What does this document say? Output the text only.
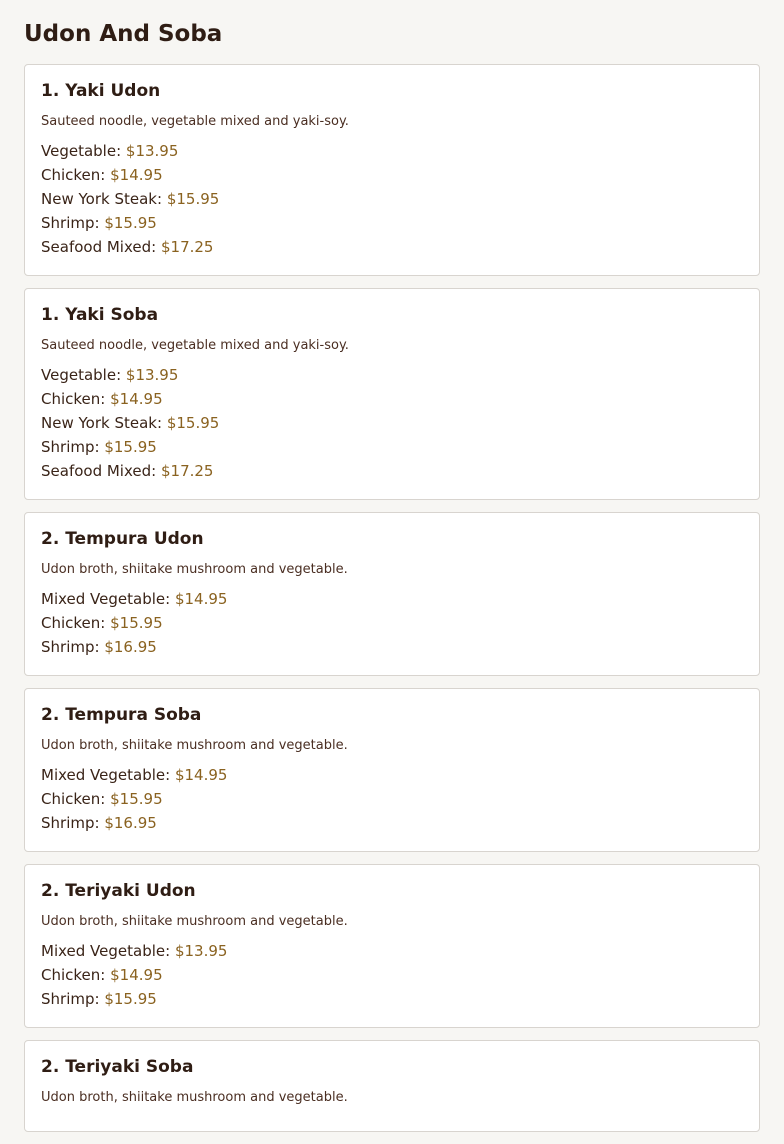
Udon And Soba
1. Yaki Udon

Sauteed noodle, vegetable mixed and yaki-soy.

Vegetable: $13.95
Chicken: $14.95
New York Steak: $15.95
Shrimp: $15.95
Seafood Mixed: $17.25
1. Yaki Soba

Sauteed noodle, vegetable mixed and yaki-soy.

Vegetable: $13.95
Chicken: $14.95
New York Steak: $15.95
Shrimp: $15.95
Seafood Mixed: $17.25
2. Tempura Udon

Udon broth, shiitake mushroom and vegetable.

Mixed Vegetable: $14.95
Chicken: $15.95
Shrimp: $16.95
2. Tempura Soba

Udon broth, shiitake mushroom and vegetable.

Mixed Vegetable: $14.95
Chicken: $15.95
Shrimp: $16.95
2. Teriyaki Udon

Udon broth, shiitake mushroom and vegetable.

Mixed Vegetable: $13.95
Chicken: $14.95
Shrimp: $15.95
2. Teriyaki Soba

Udon broth, shiitake mushroom and vegetable.
